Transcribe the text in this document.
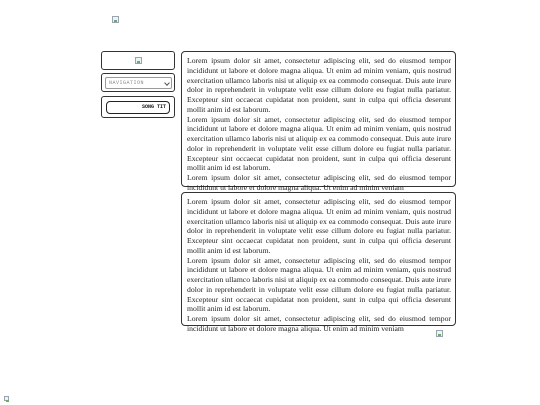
NAVIGATION
SONG TIT

Lorem ipsum dolor sit amet, consectetur adipiscing elit, sed do eiusmod tempor incididunt ut labore et dolore magna aliqua. Ut enim ad minim veniam, quis nostrud exercitation ullamco laboris nisi ut aliquip ex ea commodo consequat. Duis aute irure dolor in reprehenderit in voluptate velit esse cillum dolore eu fugiat nulla pariatur. Excepteur sint occaecat cupidatat non proident, sunt in culpa qui officia deserunt mollit anim id est laborum.

Lorem ipsum dolor sit amet, consectetur adipiscing elit, sed do eiusmod tempor incididunt ut labore et dolore magna aliqua. Ut enim ad minim veniam, quis nostrud exercitation ullamco laboris nisi ut aliquip ex ea commodo consequat. Duis aute irure dolor in reprehenderit in voluptate velit esse cillum dolore eu fugiat nulla pariatur. Excepteur sint occaecat cupidatat non proident, sunt in culpa qui officia deserunt mollit anim id est laborum.

Lorem ipsum dolor sit amet, consectetur adipiscing elit, sed do eiusmod tempor incididunt ut labore et dolore magna aliqua. Ut enim ad minim veniam

Lorem ipsum dolor sit amet, consectetur adipiscing elit, sed do eiusmod tempor incididunt ut labore et dolore magna aliqua. Ut enim ad minim veniam, quis nostrud exercitation ullamco laboris nisi ut aliquip ex ea commodo consequat. Duis aute irure dolor in reprehenderit in voluptate velit esse cillum dolore eu fugiat nulla pariatur. Excepteur sint occaecat cupidatat non proident, sunt in culpa qui officia deserunt mollit anim id est laborum.

Lorem ipsum dolor sit amet, consectetur adipiscing elit, sed do eiusmod tempor incididunt ut labore et dolore magna aliqua. Ut enim ad minim veniam, quis nostrud exercitation ullamco laboris nisi ut aliquip ex ea commodo consequat. Duis aute irure dolor in reprehenderit in voluptate velit esse cillum dolore eu fugiat nulla pariatur. Excepteur sint occaecat cupidatat non proident, sunt in culpa qui officia deserunt mollit anim id est laborum.

Lorem ipsum dolor sit amet, consectetur adipiscing elit, sed do eiusmod tempor incididunt ut labore et dolore magna aliqua. Ut enim ad minim veniam
